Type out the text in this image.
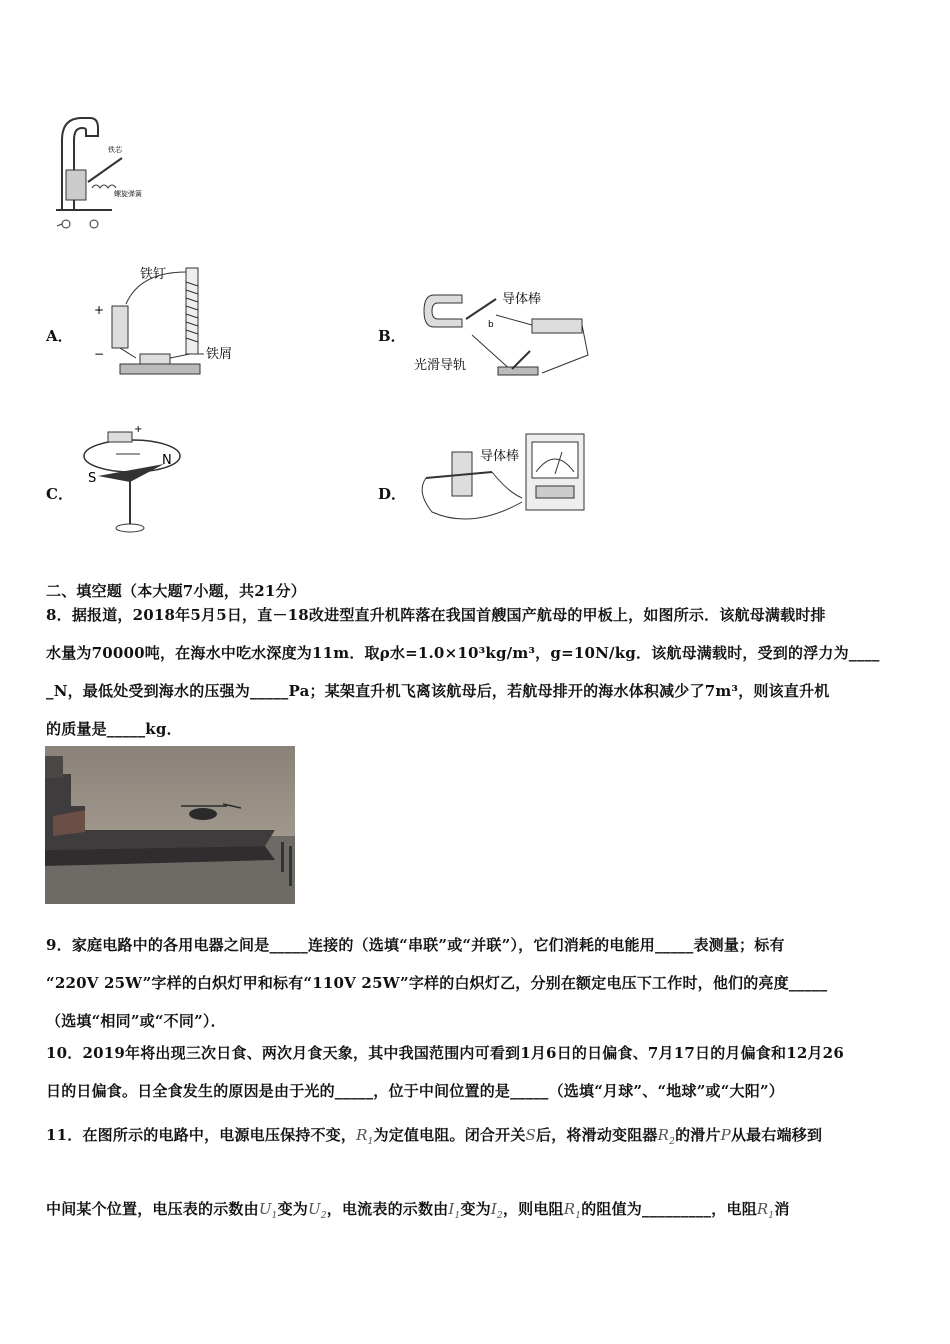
铁芯
螺旋弹簧
A．
铁钉
+
−	铁屑
B．
导体棒
b
光滑导轨
C．
+
S
N
D．
导体棒
二、填空题（本大题7小题，共21分）
8．据报道，2018年5月5日，直－18改进型直升机阵落在我国首艘国产航母的甲板上，如图所示．该航母满载时排
水量为70000吨，在海水中吃水深度为11m．取ρ水=1.0×10³kg/m³，g=10N/kg．该航母满载时，受到的浮力为____
_N，最低处受到海水的压强为_____Pa；某架直升机飞离该航母后，若航母排开的海水体积减少了7m³，则该直升机
的质量是_____kg．
9．家庭电路中的各用电器之间是_____连接的（选填“串联”或“并联”），它们消耗的电能用_____表测量；标有
“220V 25W”字样的白炽灯甲和标有“110V 25W”字样的白炽灯乙，分别在额定电压下工作时，他们的亮度_____
（选填“相同”或“不同”）．
10．2019年将出现三次日食、两次月食天象，其中我国范围内可看到1月6日的日偏食、7月17日的月偏食和12月26
日的日偏食。日全食发生的原因是由于光的_____，位于中间位置的是_____（选填“月球”、“地球”或“大阳”）
11．在图所示的电路中，电源电压保持不变，$R_1$为定值电阻。闭合开关S后，将滑动变阻器$R_2$的滑片P从最右端移到
中间某个位置，电压表的示数由$U_1$变为$U_2$，电流表的示数由$I_1$变为$I_2$，则电阻$R_1$的阻值为_________，电阻$R_1$消
